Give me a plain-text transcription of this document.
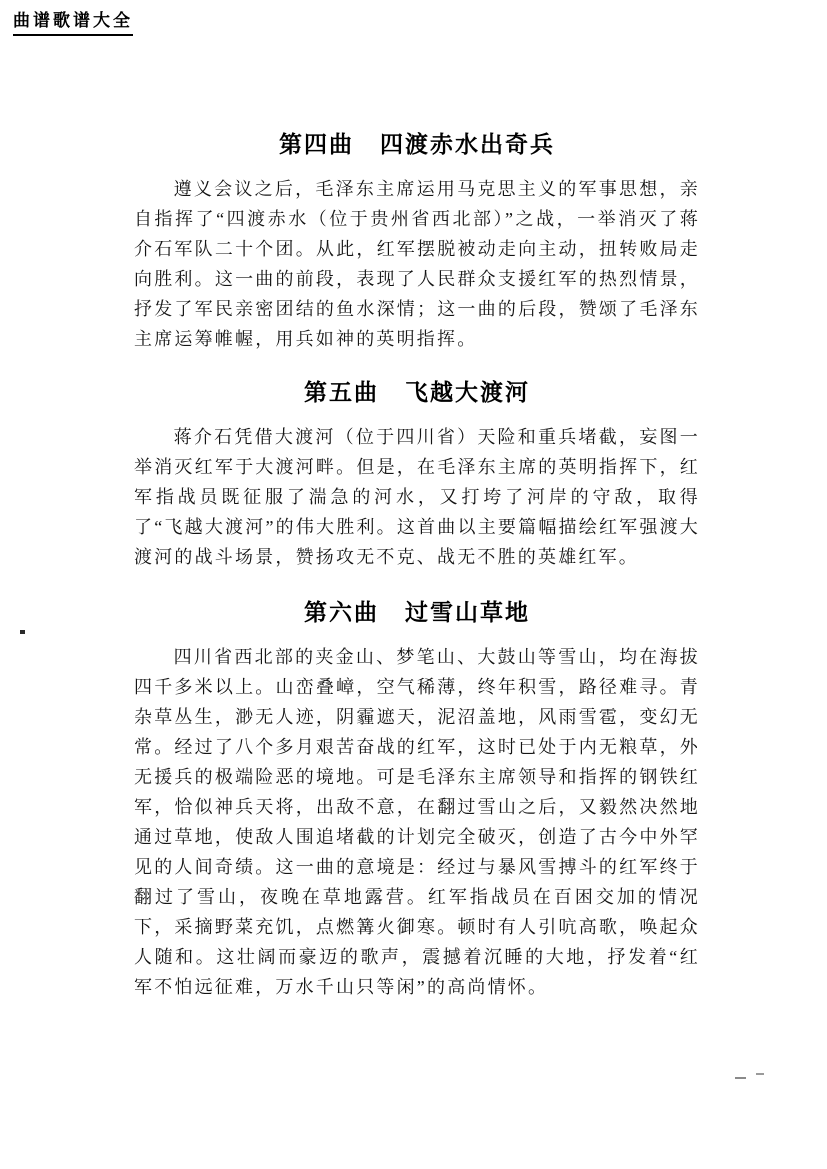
曲谱歌谱大全
第四曲 四渡赤水出奇兵
遵义会议之后，毛泽东主席运用马克思主义的军事思想，亲自指挥了“四渡赤水（位于贵州省西北部）”之战，一举消灭了蒋介石军队二十个团。从此，红军摆脱被动走向主动，扭转败局走向胜利。这一曲的前段，表现了人民群众支援红军的热烈情景，抒发了军民亲密团结的鱼水深情；这一曲的后段，赞颂了毛泽东主席运筹帷幄，用兵如神的英明指挥。
第五曲 飞越大渡河
蒋介石凭借大渡河（位于四川省）天险和重兵堵截，妄图一举消灭红军于大渡河畔。但是，在毛泽东主席的英明指挥下，红军指战员既征服了湍急的河水，又打垮了河岸的守敌，取得了“飞越大渡河”的伟大胜利。这首曲以主要篇幅描绘红军强渡大渡河的战斗场景，赞扬攻无不克、战无不胜的英雄红军。
第六曲 过雪山草地
四川省西北部的夹金山、梦笔山、大鼓山等雪山，均在海拔四千多米以上。山峦叠嶂，空气稀薄，终年积雪，路径难寻。青杂草丛生，渺无人迹，阴霾遮天，泥沼盖地，风雨雪雹，变幻无常。经过了八个多月艰苦奋战的红军，这时已处于内无粮草，外无援兵的极端险恶的境地。可是毛泽东主席领导和指挥的钢铁红军，恰似神兵天将，出敌不意，在翻过雪山之后，又毅然决然地通过草地，使敌人围追堵截的计划完全破灭，创造了古今中外罕见的人间奇绩。这一曲的意境是：经过与暴风雪搏斗的红军终于翻过了雪山，夜晚在草地露营。红军指战员在百困交加的情况下，采摘野菜充饥，点燃篝火御寒。顿时有人引吭高歌，唤起众人随和。这壮阔而豪迈的歌声，震撼着沉睡的大地，抒发着“红军不怕远征难，万水千山只等闲”的高尚情怀。
